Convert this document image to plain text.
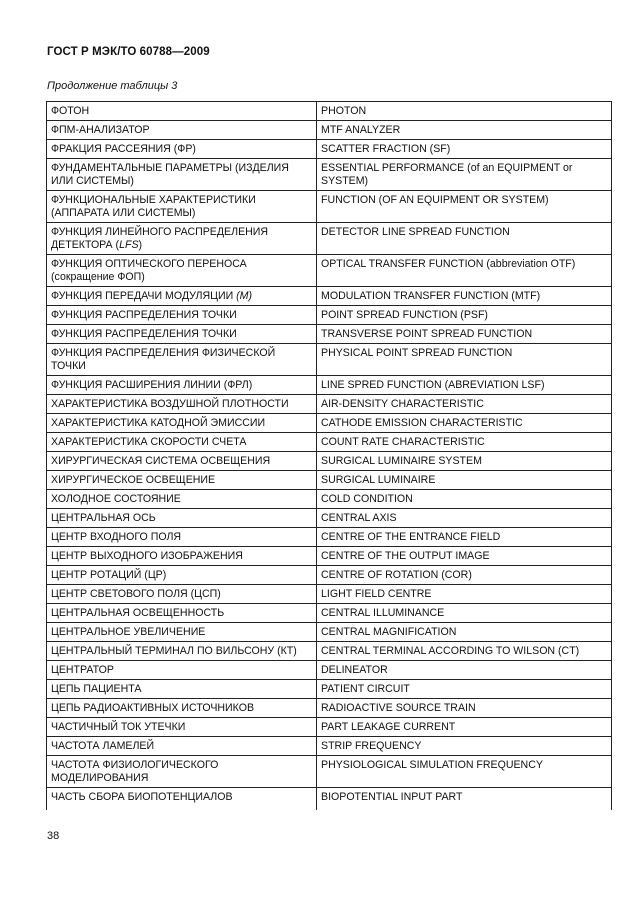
ГОСТ Р МЭК/ТО 60788—2009
Продолжение таблицы 3
ФОТОН	PHOTON
ФПМ-АНАЛИЗАТОР	MTF ANALYZER
ФРАКЦИЯ РАССЕЯНИЯ (ФР)	SCATTER FRACTION (SF)
ФУНДАМЕНТАЛЬНЫЕ ПАРАМЕТРЫ (ИЗДЕЛИЯ ИЛИ СИСТЕМЫ)	ESSENTIAL PERFORMANCE (of an EQUIPMENT or SYSTEM)
ФУНКЦИОНАЛЬНЫЕ ХАРАКТЕРИСТИКИ (АППАРАТА ИЛИ СИСТЕМЫ)	FUNCTION (OF AN EQUIPMENT OR SYSTEM)
ФУНКЦИЯ ЛИНЕЙНОГО РАСПРЕДЕЛЕНИЯ ДЕТЕКТОРА (LFS)	DETECTOR LINE SPREAD FUNCTION
ФУНКЦИЯ ОПТИЧЕСКОГО ПЕРЕНОСА (сокращение ФОП)	OPTICAL TRANSFER FUNCTION (abbreviation OTF)
ФУНКЦИЯ ПЕРЕДАЧИ МОДУЛЯЦИИ (М)	MODULATION TRANSFER FUNCTION (MTF)
ФУНКЦИЯ РАСПРЕДЕЛЕНИЯ ТОЧКИ	POINT SPREAD FUNCTION (PSF)
ФУНКЦИЯ РАСПРЕДЕЛЕНИЯ ТОЧКИ	TRANSVERSE POINT SPREAD FUNCTION
ФУНКЦИЯ РАСПРЕДЕЛЕНИЯ ФИЗИЧЕСКОЙ ТОЧКИ	PHYSICAL POINT SPREAD FUNCTION
ФУНКЦИЯ РАСШИРЕНИЯ ЛИНИИ (ФРЛ)	LINE SPRED FUNCTION (ABREVIATION LSF)
ХАРАКТЕРИСТИКА ВОЗДУШНОЙ ПЛОТНОСТИ	AIR-DENSITY CHARACTERISTIC
ХАРАКТЕРИСТИКА КАТОДНОЙ ЭМИССИИ	CATHODE EMISSION CHARACTERISTIC
ХАРАКТЕРИСТИКА СКОРОСТИ СЧЕТА	COUNT RATE CHARACTERISTIC
ХИРУРГИЧЕСКАЯ СИСТЕМА ОСВЕЩЕНИЯ	SURGICAL LUMINAIRE SYSTEM
ХИРУРГИЧЕСКОЕ ОСВЕЩЕНИЕ	SURGICAL LUMINAIRE
ХОЛОДНОЕ СОСТОЯНИЕ	COLD CONDITION
ЦЕНТРАЛЬНАЯ ОСЬ	CENTRAL AXIS
ЦЕНТР ВХОДНОГО ПОЛЯ	CENTRE OF THE ENTRANCE FIELD
ЦЕНТР ВЫХОДНОГО ИЗОБРАЖЕНИЯ	CENTRE OF THE OUTPUT IMAGE
ЦЕНТР РОТАЦИЙ (ЦР)	CENTRE OF ROTATION (COR)
ЦЕНТР СВЕТОВОГО ПОЛЯ (ЦСП)	LIGHT FIELD CENTRE
ЦЕНТРАЛЬНАЯ ОСВЕЩЕННОСТЬ	CENTRAL ILLUMINANCE
ЦЕНТРАЛЬНОЕ УВЕЛИЧЕНИЕ	CENTRAL MAGNIFICATION
ЦЕНТРАЛЬНЫЙ ТЕРМИНАЛ ПО ВИЛЬСОНУ (КТ)	CENTRAL TERMINAL ACCORDING TO WILSON (CT)
ЦЕНТРАТОР	DELINEATOR
ЦЕПЬ ПАЦИЕНТА	PATIENT CIRCUIT
ЦЕПЬ РАДИОАКТИВНЫХ ИСТОЧНИКОВ	RADIOACTIVE SOURCE TRAIN
ЧАСТИЧНЫЙ ТОК УТЕЧКИ	PART LEAKAGE CURRENT
ЧАСТОТА ЛАМЕЛЕЙ	STRIP FREQUENCY
ЧАСТОТА ФИЗИОЛОГИЧЕСКОГО МОДЕЛИРОВАНИЯ	PHYSIOLOGICAL SIMULATION FREQUENCY
ЧАСТЬ СБОРА БИОПОТЕНЦИАЛОВ	BIOPOTENTIAL INPUT PART
38
